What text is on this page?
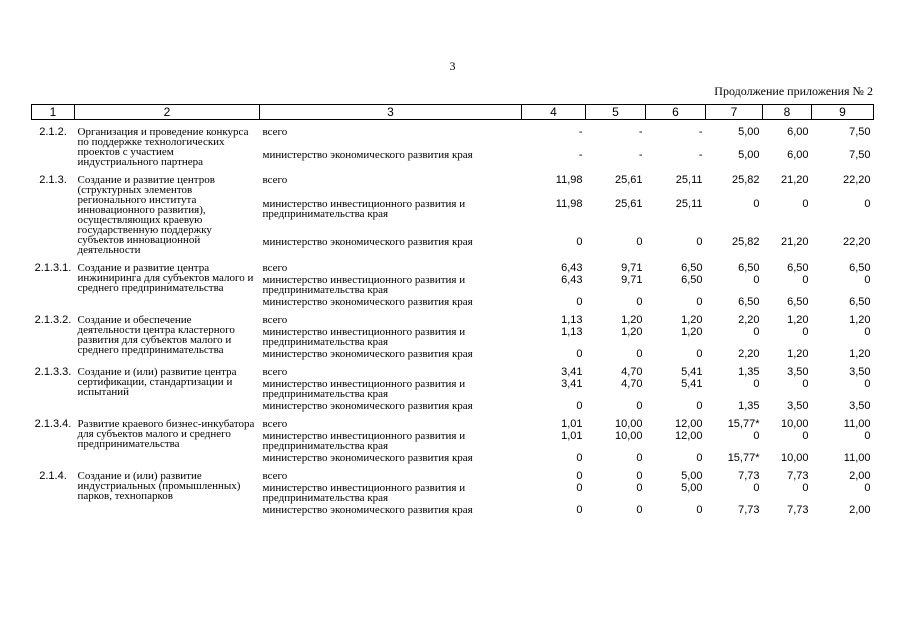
3
Продолжение приложения № 2
1	2	3	4	5	6	7	8	9
2.1.2.	Организация и проведение конкурса по поддержке технологических проектов с участием индустриального партнера	всего	-	-	-	5,00	6,00	7,50
		министерство экономического развития края	-	-	-	5,00	6,00	7,50
2.1.3.	Создание и развитие центров (структурных элементов регионального института инновационного развития), осуществляющих краевую государственную поддержку субъектов инновационной деятельности	всего	11,98	25,61	25,11	25,82	21,20	22,20
		министерство инвестиционного развития и предпринимательства края	11,98	25,61	25,11	0	0	0
		министерство экономического развития края	0	0	0	25,82	21,20	22,20
2.1.3.1.	Создание и развитие центра инжиниринга для субъектов малого и среднего предпринимательства	всего	6,43	9,71	6,50	6,50	6,50	6,50
		министерство инвестиционного развития и предпринимательства края	6,43	9,71	6,50	0	0	0
		министерство экономического развития края	0	0	0	6,50	6,50	6,50
2.1.3.2.	Создание и обеспечение деятельности центра кластерного развития для субъектов малого и среднего предпринимательства	всего	1,13	1,20	1,20	2,20	1,20	1,20
		министерство инвестиционного развития и предпринимательства края	1,13	1,20	1,20	0	0	0
		министерство экономического развития края	0	0	0	2,20	1,20	1,20
2.1.3.3.	Создание и (или) развитие центра сертификации, стандартизации и испытаний	всего	3,41	4,70	5,41	1,35	3,50	3,50
		министерство инвестиционного развития и предпринимательства края	3,41	4,70	5,41	0	0	0
		министерство экономического развития края	0	0	0	1,35	3,50	3,50
2.1.3.4.	Развитие краевого бизнес-инкубатора для субъектов малого и среднего предпринимательства	всего	1,01	10,00	12,00	15,77*	10,00	11,00
		министерство инвестиционного развития и предпринимательства края	1,01	10,00	12,00	0	0	0
		министерство экономического развития края	0	0	0	15,77*	10,00	11,00
2.1.4.	Создание и (или) развитие индустриальных (промышленных) парков, технопарков	всего	0	0	5,00	7,73	7,73	2,00
		министерство инвестиционного развития и предпринимательства края	0	0	5,00	0	0	0
		министерство экономического развития края	0	0	0	7,73	7,73	2,00
